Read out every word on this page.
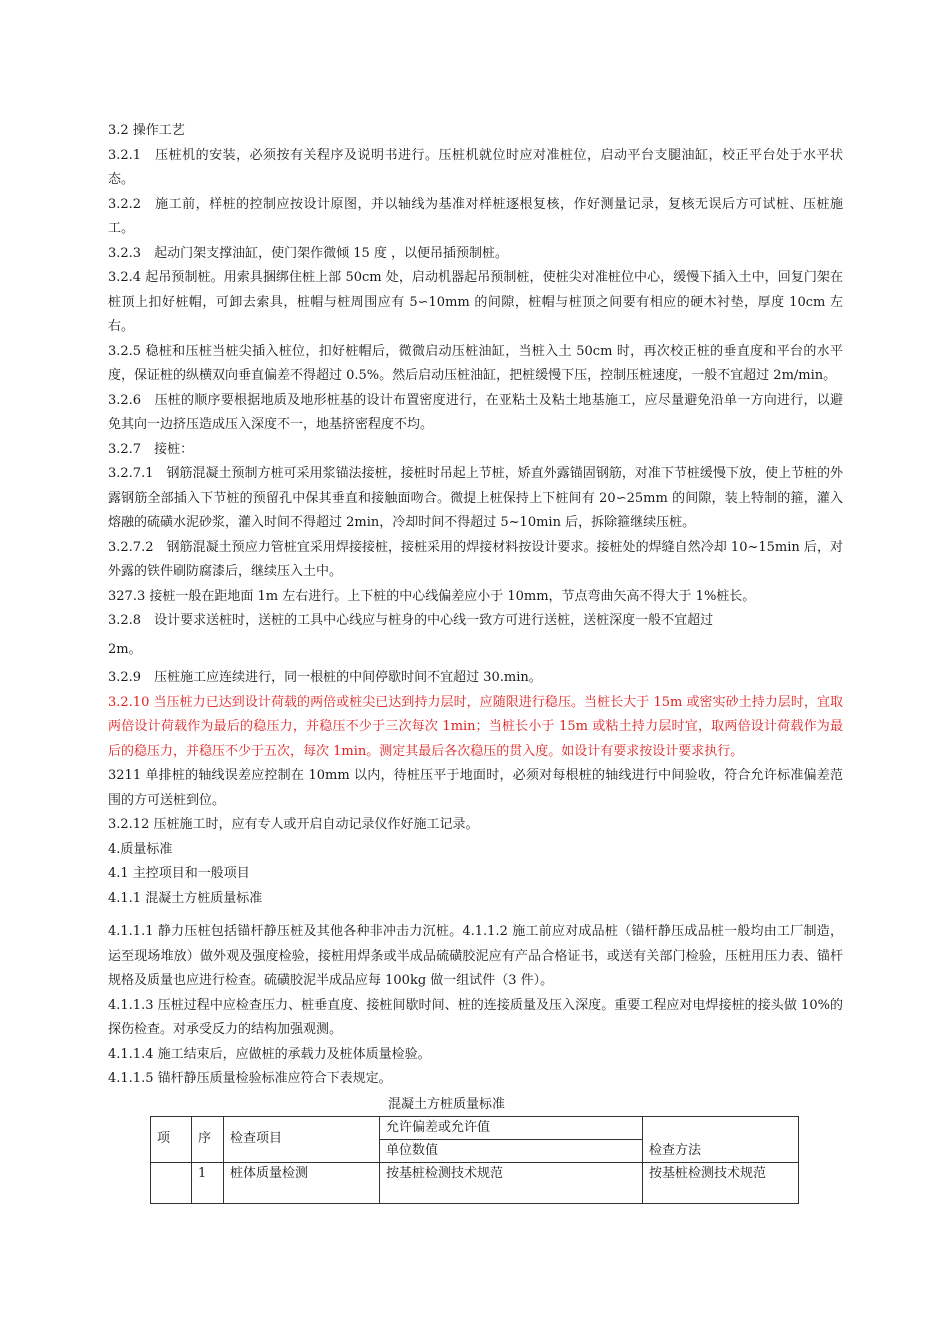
3.2 操作工艺

3.2.1　压桩机的安装，必须按有关程序及说明书进行。压桩机就位时应对准桩位，启动平台支腿油缸，校正平台处于水平状态。

3.2.2　施工前，样桩的控制应按设计原图，并以轴线为基准对样桩逐根复核，作好测量记录，复核无误后方可试桩、压桩施工。

3.2.3　起动门架支撑油缸，使门架作微倾 15 度 ，以便吊插预制桩。

3.2.4 起吊预制桩。用索具捆绑住桩上部 50cm 处，启动机器起吊预制桩，使桩尖对准桩位中心，缓慢下插入土中，回复门架在桩顶上扣好桩帽，可卸去索具，桩帽与桩周围应有 5∽10mm 的间隙，桩帽与桩顶之间要有相应的硬木衬垫，厚度 10cm 左右。

3.2.5 稳桩和压桩当桩尖插入桩位，扣好桩帽后，微微启动压桩油缸，当桩入土 50cm 时，再次校正桩的垂直度和平台的水平度，保证桩的纵横双向垂直偏差不得超过 0.5%。然后启动压桩油缸，把桩缓慢下压，控制压桩速度，一般不宜超过 2m/min。

3.2.6　压桩的顺序要根据地质及地形桩基的设计布置密度进行，在亚粘土及粘土地基施工，应尽量避免沿单一方向进行，以避免其向一边挤压造成压入深度不一，地基挤密程度不均。

3.2.7　接桩：

3.2.7.1　钢筋混凝土预制方桩可采用浆锚法接桩，接桩时吊起上节桩，矫直外露锚固钢筋，对准下节桩缓慢下放，使上节桩的外露钢筋全部插入下节桩的预留孔中保其垂直和接触面吻合。微提上桩保持上下桩间有 20∽25mm 的间隙，装上特制的箍，灌入熔融的硫磺水泥砂浆，灌入时间不得超过 2min，冷却时间不得超过 5~10min 后，拆除箍继续压桩。

3.2.7.2　钢筋混凝土预应力管桩宜采用焊接接桩，接桩采用的焊接材料按设计要求。接桩处的焊缝自然冷却 10~15min 后，对外露的铁件刷防腐漆后，继续压入土中。

327.3 接桩一般在距地面 1m 左右进行。上下桩的中心线偏差应小于 10mm，节点弯曲矢高不得大于 1%桩长。

3.2.8　设计要求送桩时，送桩的工具中心线应与桩身的中心线一致方可进行送桩，送桩深度一般不宜超过

2m。

3.2.9　压桩施工应连续进行，同一根桩的中间停歇时间不宜超过 30.min。

3.2.10 当压桩力已达到设计荷载的两倍或桩尖已达到持力层时，应随限进行稳压。当桩长大于 15m 或密实砂土持力层时，宜取两倍设计荷载作为最后的稳压力，并稳压不少于三次每次 1min；当桩长小于 15m 或粘土持力层时宜，取两倍设计荷载作为最后的稳压力，并稳压不少于五次，每次 1min。测定其最后各次稳压的贯入度。如设计有要求按设计要求执行。

3211 单排桩的轴线误差应控制在 10mm 以内，待桩压平于地面时，必须对每根桩的轴线进行中间验收，符合允许标准偏差范围的方可送桩到位。

3.2.12 压桩施工时，应有专人或开启自动记录仪作好施工记录。

4.质量标准

4.1 主控项目和一般项目

4.1.1 混凝土方桩质量标准

4.1.1.1 静力压桩包括锚杆静压桩及其他各种非冲击力沉桩。4.1.1.2 施工前应对成品桩（锚杆静压成品桩一般均由工厂制造，运至现场堆放）做外观及强度检验，接桩用焊条或半成品硫磺胶泥应有产品合格证书，或送有关部门检验，压桩用压力表、锚杆规格及质量也应进行检查。硫磺胶泥半成品应每 100kg 做一组试件（3 件）。

4.1.1.3 压桩过程中应检查压力、桩垂直度、接桩间歇时间、桩的连接质量及压入深度。重要工程应对电焊接桩的接头做 10%的探伤检查。对承受反力的结构加强观测。

4.1.1.4 施工结束后，应做桩的承载力及桩体质量检验。

4.1.1.5 锚杆静压质量检验标准应符合下表规定。

混凝土方桩质量标准

项	序	检查项目	允许偏差或允许值	检查方法
			单位数值	
	1	桩体质量检测	按基桩检测技术规范	按基桩检测技术规范
